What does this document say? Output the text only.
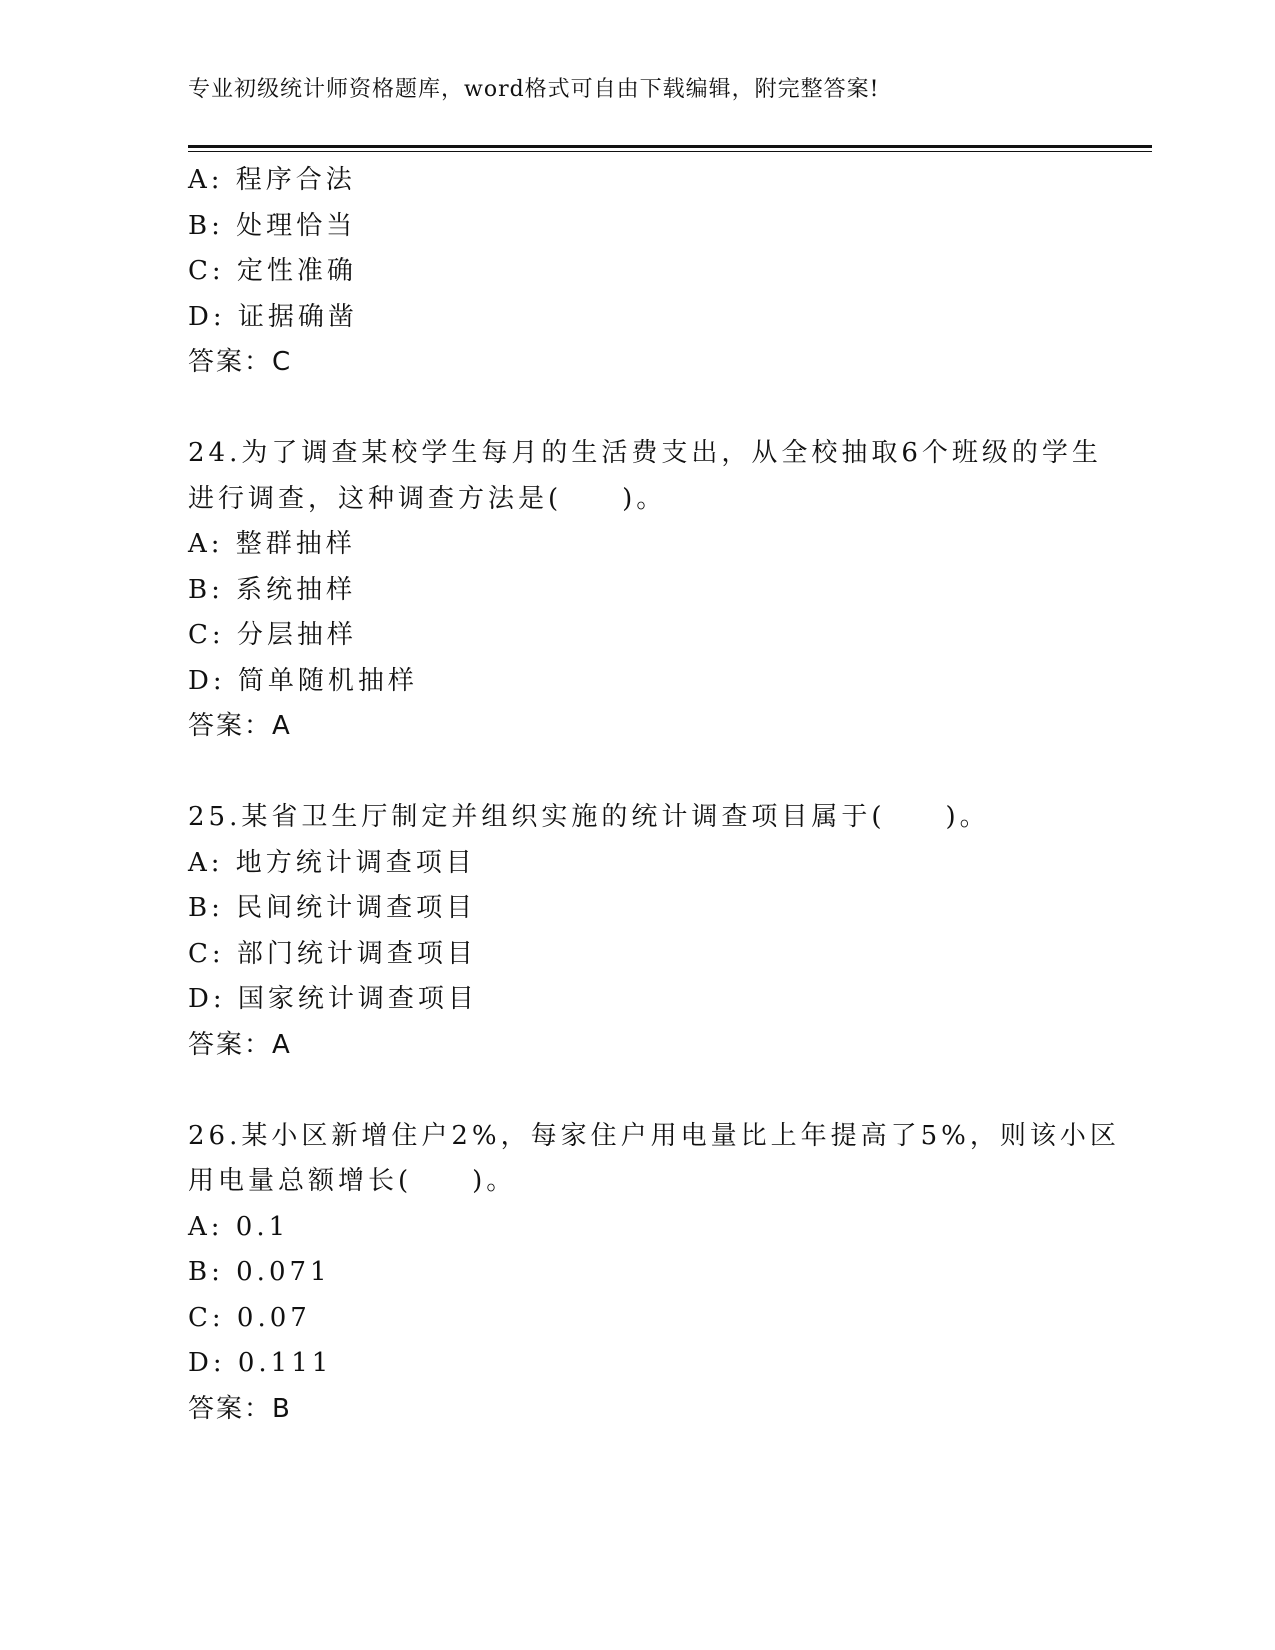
专业初级统计师资格题库，word格式可自由下载编辑，附完整答案!
A: 程序合法
B: 处理恰当
C: 定性准确
D: 证据确凿
答案：C
24.为了调查某校学生每月的生活费支出，从全校抽取6个班级的学生
进行调查，这种调查方法是(　　)。
A: 整群抽样
B: 系统抽样
C: 分层抽样
D: 简单随机抽样
答案：A
25.某省卫生厅制定并组织实施的统计调查项目属于(　　)。
A: 地方统计调查项目
B: 民间统计调查项目
C: 部门统计调查项目
D: 国家统计调查项目
答案：A
26.某小区新增住户2%，每家住户用电量比上年提高了5%，则该小区
用电量总额增长(　　)。
A: 0.1
B: 0.071
C: 0.07
D: 0.111
答案：B
